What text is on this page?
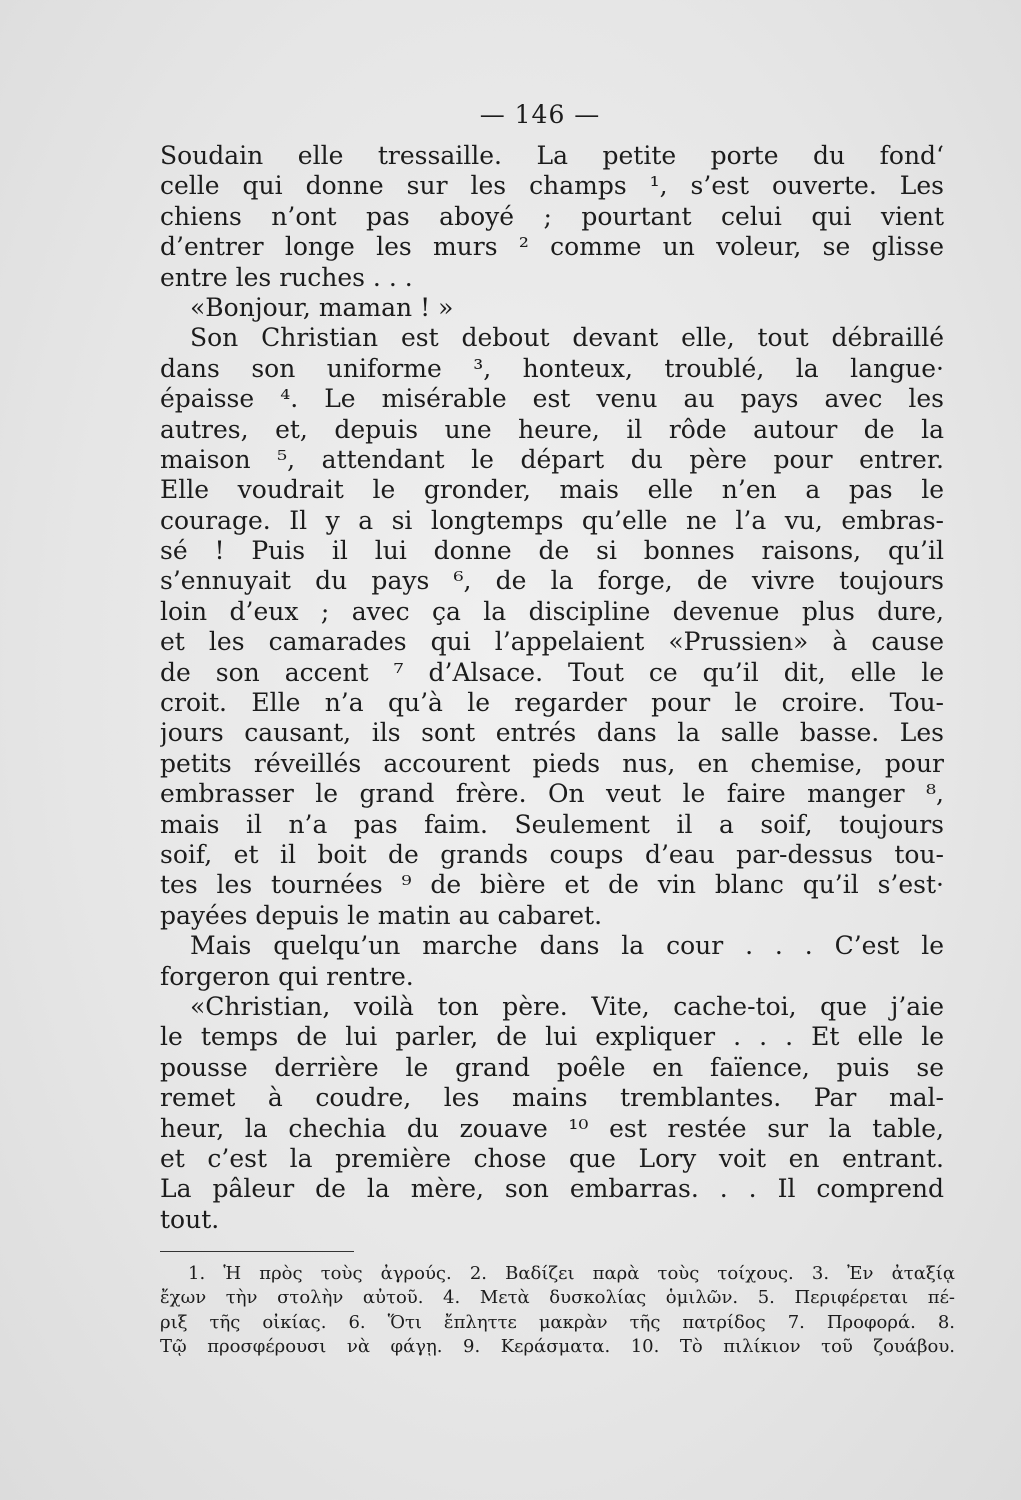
— 146 —
Soudain elle tressaille. La petite porte du fond‘
celle qui donne sur les champs ¹, s’est ouverte. Les
chiens n’ont pas aboyé ; pourtant celui qui vient
d’entrer longe les murs ² comme un voleur, se glisse
entre les ruches . . .
«Bonjour, maman ! »
Son Christian est debout devant elle, tout débraillé
dans son uniforme ³, honteux, troublé, la langue·
épaisse ⁴. Le misérable est venu au pays avec les
autres, et, depuis une heure, il rôde autour de la
maison ⁵, attendant le départ du père pour entrer.
Elle voudrait le gronder, mais elle n’en a pas le
courage. Il y a si longtemps qu’elle ne l’a vu, embras-
sé ! Puis il lui donne de si bonnes raisons, qu’il
s’ennuyait du pays ⁶, de la forge, de vivre toujours
loin d’eux ; avec ça la discipline devenue plus dure,
et les camarades qui l’appelaient «Prussien» à cause
de son accent ⁷ d’Alsace. Tout ce qu’il dit, elle le
croit. Elle n’a qu’à le regarder pour le croire. Tou-
jours causant, ils sont entrés dans la salle basse. Les
petits réveillés accourent pieds nus, en chemise, pour
embrasser le grand frère. On veut le faire manger ⁸,
mais il n’a pas faim. Seulement il a soif, toujours
soif, et il boit de grands coups d’eau par-dessus tou-
tes les tournées ⁹ de bière et de vin blanc qu’il s’est·
payées depuis le matin au cabaret.
Mais quelqu’un marche dans la cour . . . C’est le
forgeron qui rentre.
«Christian, voilà ton père. Vite, cache-toi, que j’aie
le temps de lui parler, de lui expliquer . . . Et elle le
pousse derrière le grand poêle en faïence, puis se
remet à coudre, les mains tremblantes. Par mal-
heur, la chechia du zouave ¹⁰ est restée sur la table,
et c’est la première chose que Lory voit en entrant.
La pâleur de la mère, son embarras. . . Il comprend
tout.
1. Ἡ πρὸς τοὺς ἀγρούς. 2. Βαδίζει παρὰ τοὺς τοίχους. 3. Ἐν ἀταξίᾳ
ἔχων τὴν στολὴν αὐτοῦ. 4. Μετὰ δυσκολίας ὁμιλῶν. 5. Περιφέρεται πέ-
ριξ τῆς οἰκίας. 6. Ὅτι ἔπληττε μακρὰν τῆς πατρίδος 7. Προφορά. 8.
Τῷ προσφέρουσι νὰ φάγῃ. 9. Κεράσματα. 10. Τὸ πιλίκιον τοῦ ζουάβου.
